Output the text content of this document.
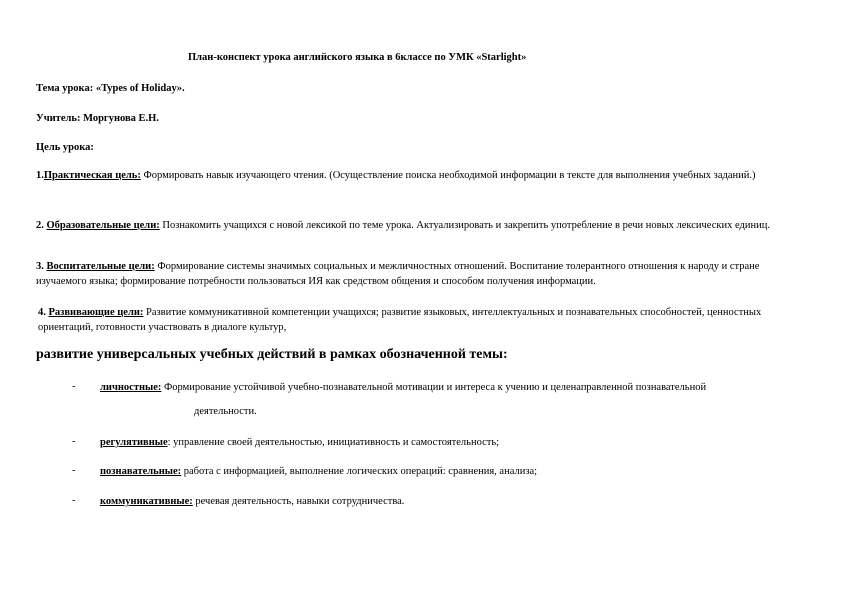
План-конспект урока английского языка в 6классе по УМК «Starlight»
Тема урока: «Types of Holiday».
Учитель: Моргунова Е.Н.
Цель урока:
1.Практическая цель: Формировать навык изучающего чтения. (Осуществление поиска необходимой информации в тексте для выполнения учебных заданий.)
2. Образовательные цели: Познакомить учащихся с новой лексикой по теме урока. Актуализировать и закрепить употребление в речи новых лексических единиц.
3. Воспитательные цели: Формирование системы значимых социальных и межличностных отношений. Воспитание толерантного отношения к народу и стране изучаемого языка; формирование потребности пользоваться ИЯ как средством общения и способом получения информации.
4. Развивающие цели: Развитие коммуникативной компетенции учащихся; развитие языковых, интеллектуальных и познавательных способностей, ценностных ориентаций, готовности участвовать в диалоге культур,
развитие универсальных учебных действий в рамках обозначенной темы:
- личностные: Формирование устойчивой учебно-познавательной мотивации и интереса к учению и целенаправленной познавательной
деятельности.
- регулятивные: управление своей деятельностью, инициативность и самостоятельность;
- познавательные: работа с информацией, выполнение логических операций: сравнения, анализа;
- коммуникативные: речевая деятельность, навыки сотрудничества.
